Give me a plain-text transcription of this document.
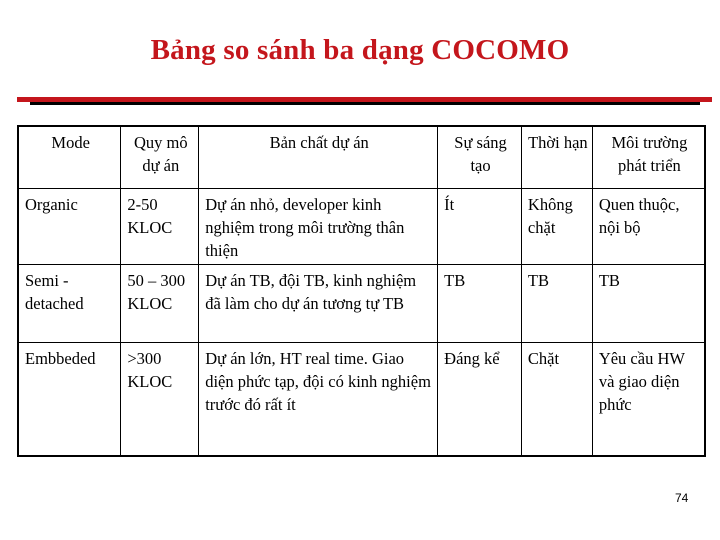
Bảng so sánh ba dạng COCOMO
Mode	Quy mô dự án	Bản chất dự án	Sự sáng tạo	Thời hạn	Môi trường phát triển
Organic	2-50 KLOC	Dự án nhỏ, developer kinh nghiệm trong môi trường thân thiện	Ít	Không chặt	Quen thuộc, nội bộ
Semi - detached	50 – 300 KLOC	Dự án TB, đội TB, kinh nghiệm đã làm cho dự án tương tự TB	TB	TB	TB
Embbeded	>300 KLOC	Dự án lớn, HT real time. Giao diện phức tạp, đội có kinh nghiệm trước đó rất ít	Đáng kể	Chặt	Yêu cầu HW và giao diện phức
74
